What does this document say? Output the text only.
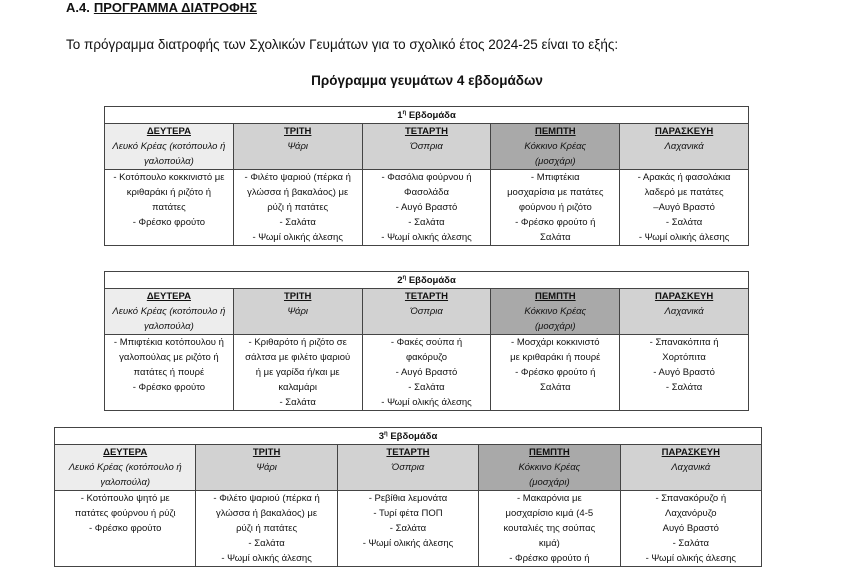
Α.4. ΠΡΟΓΡΑΜΜΑ ΔΙΑΤΡΟΦΗΣ
Το πρόγραμμα διατροφής των Σχολικών Γευμάτων για το σχολικό έτος 2024-25 είναι το εξής:
Πρόγραμμα γευμάτων 4 εβδομάδων
$1^\eta$ Εβδομάδα				

ΔΕΥΤΕΡΑ
Λευκό Κρέας (κοτόπουλο ή
γαλοπούλα)	ΤΡΙΤΗ
Ψάρι	ΤΕΤΑΡΤΗ
Όσπρια	ΠΕΜΠΤΗ
Κόκκινο Κρέας
(μοσχάρι)	ΠΑΡΑΣΚΕΥΗ
Λαχανικά

- Κοτόπουλο κοκκινιστό με
κριθαράκι ή ριζότο ή
πατάτες
- Φρέσκο φρούτο	- Φιλέτο ψαριού (πέρκα ή
γλώσσα ή βακαλάος) με
ρύζι ή πατάτες
- Σαλάτα
- Ψωμί ολικής άλεσης	- Φασόλια φούρνου ή
Φασολάδα
- Αυγό Βραστό
- Σαλάτα
- Ψωμί ολικής άλεσης	- Μπιφτέκια
μοσχαρίσια με πατάτες
φούρνου ή ριζότο
- Φρέσκο φρούτο ή
Σαλάτα	- Αρακάς ή φασολάκια
λαδερό με πατάτες
–Αυγό Βραστό
- Σαλάτα
- Ψωμί ολικής άλεσης
$2^\eta$ Εβδομάδα				

ΔΕΥΤΕΡΑ
Λευκό Κρέας (κοτόπουλο ή
γαλοπούλα)	ΤΡΙΤΗ
Ψάρι	ΤΕΤΑΡΤΗ
Όσπρια	ΠΕΜΠΤΗ
Κόκκινο Κρέας
(μοσχάρι)	ΠΑΡΑΣΚΕΥΗ
Λαχανικά

- Μπιφτέκια κοτόπουλου ή
γαλοπούλας με ριζότο ή
πατάτες ή πουρέ
- Φρέσκο φρούτο	- Κριθαρότο ή ριζότο σε
σάλτσα με φιλέτο ψαριού
ή με γαρίδα ή/και με
καλαμάρι
- Σαλάτα	- Φακές σούπα ή
φακόρυζο
- Αυγό Βραστό
- Σαλάτα
- Ψωμί ολικής άλεσης	- Μοσχάρι κοκκινιστό
με κριθαράκι ή πουρέ
- Φρέσκο φρούτο ή
Σαλάτα	- Σπανακόπιτα ή
Χορτόπιτα
- Αυγό Βραστό
- Σαλάτα
$3^\eta$ Εβδομάδα				

ΔΕΥΤΕΡΑ
Λευκό Κρέας (κοτόπουλο ή
γαλοπούλα)	ΤΡΙΤΗ
Ψάρι	ΤΕΤΑΡΤΗ
Όσπρια	ΠΕΜΠΤΗ
Κόκκινο Κρέας
(μοσχάρι)	ΠΑΡΑΣΚΕΥΗ
Λαχανικά

- Κοτόπουλο ψητό με
πατάτες φούρνου ή ρύζι
- Φρέσκο φρούτο	- Φιλέτο ψαριού (πέρκα ή
γλώσσα ή βακαλάος) με
ρύζι ή πατάτες
- Σαλάτα
- Ψωμί ολικής άλεσης	- Ρεβίθια λεμονάτα
- Τυρί φέτα ΠΟΠ
- Σαλάτα
- Ψωμί ολικής άλεσης	- Μακαρόνια με
μοσχαρίσιο κιμά (4-5
κουταλιές της σούπας
κιμά)
- Φρέσκο φρούτο ή	- Σπανακόρυζο ή
Λαχανόρυζο
Αυγό Βραστό
- Σαλάτα
- Ψωμί ολικής άλεσης
